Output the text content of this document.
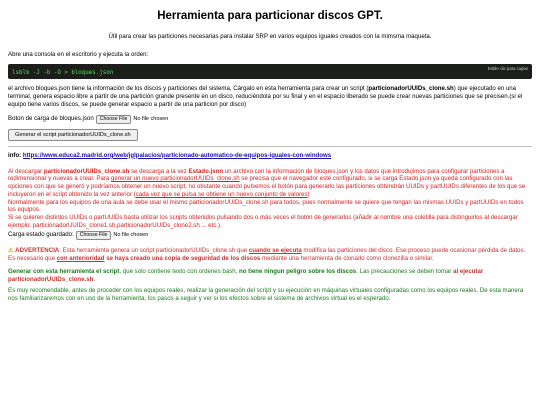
Herramienta para particionar discos GPT.

Útil para crear las particiones necesarias para instalar SRP en varios equipos iguales creados con la mimsma maqueta.

Abre una consola en el escritorio y ejecuta la orden:

lsblk -J -b -O > bloques.json
Doble clic para copiar

el archivo bloques.json tiene la información de los discos y particiones del sistema, Cárgalo en esta herramienta para crear un script (particionadorUUIDs_clone.sh) que ejecutado en una terminal, genera espacio libre a partir de una partición grande presente en un disco, reduciéndola por su final y en el espacio liberado se puede crear nuevas particiones que se precisen.(si el equipo tiene varios discos, se puede generar espacio a partir de una particion por disco)

Boton de carga de bloques.json	Choose File	No file chosen
Generar el script particionadorUUIDs_clone.sh

info: https://www.educa2.madrid.org/web/jglpalacios/particionado-automatico-de-equipos-iguales-con-windows

Al descargar particionadorUUIDs_clone.sh se descarga a la vez Estado.json un archivo con la información de bloques.json y los datos que introdujimos para configurar particiones a redimensionar y nuevas a crear. Para generar un nuevo particionadorUUIDs_clone.sh se precisa que el navegador esté configurado, si se carga Estado.json ya queda configurado con las opciones con que se generó y podríamos obtener un nuevo script, no obstante cuando pulsemos el botón para generarlo las particiones obtendrán UUIDs y partUUIDs diferentes de los que se incluyeron en el script obtenido la vez anterior (cada vez que se pulsa se obtiene un nuevo conjunto de valores)

Normalmente para los equipos de una aula se debe usar el mismo particionadorUUIDs_clone.sh para todos, pues normalmente se quiere que tengan las mismas UUIDs y partUUIDs en todos los equipos.

Si se quieren distintos UUIDs o partUUIDs basta utilizar los scripts obtenidos pulsando dos o más veces el botón de generarlos (añadir al nombre una coletilla para distinguirlos al descargar ejemplo: particionadorUUIDs_clone1.sh,particionadorUUIDs_clone2.sh ... etc.).

Carga estado guardado:	Choose File	No file chosen

⚠ ADVERTENCIA: Esta herramienta genera un script particionadorUUIDs_clone.sh que cuando se ejecuta modifica las particiones del disco. Ese proceso puede ocasionar pérdida de datos. Es necesario que con anterioridad se haya creado una copia de seguridad de los discos mediante una herramienta de clonado como clonezilla o similar.

Generar con esta herramienta el script, que solo contiene texto con ordenes bash, no tiene ningun peligro sobre los discos. Las precauciones se deben tomar al ejecutar particionadorUUIDs_clone.sh.

Es muy recomendable, antes de proceder con los equipos reales, realizar la generación del script y su ejecución en máquinas virtuales configuradas como los equipos reales. De esta manera nos familiarizaremos con en uso de la herramienta, los pasos a seguir y ver si los efectos sobre el sistema de archivios virtual es el esperado.
